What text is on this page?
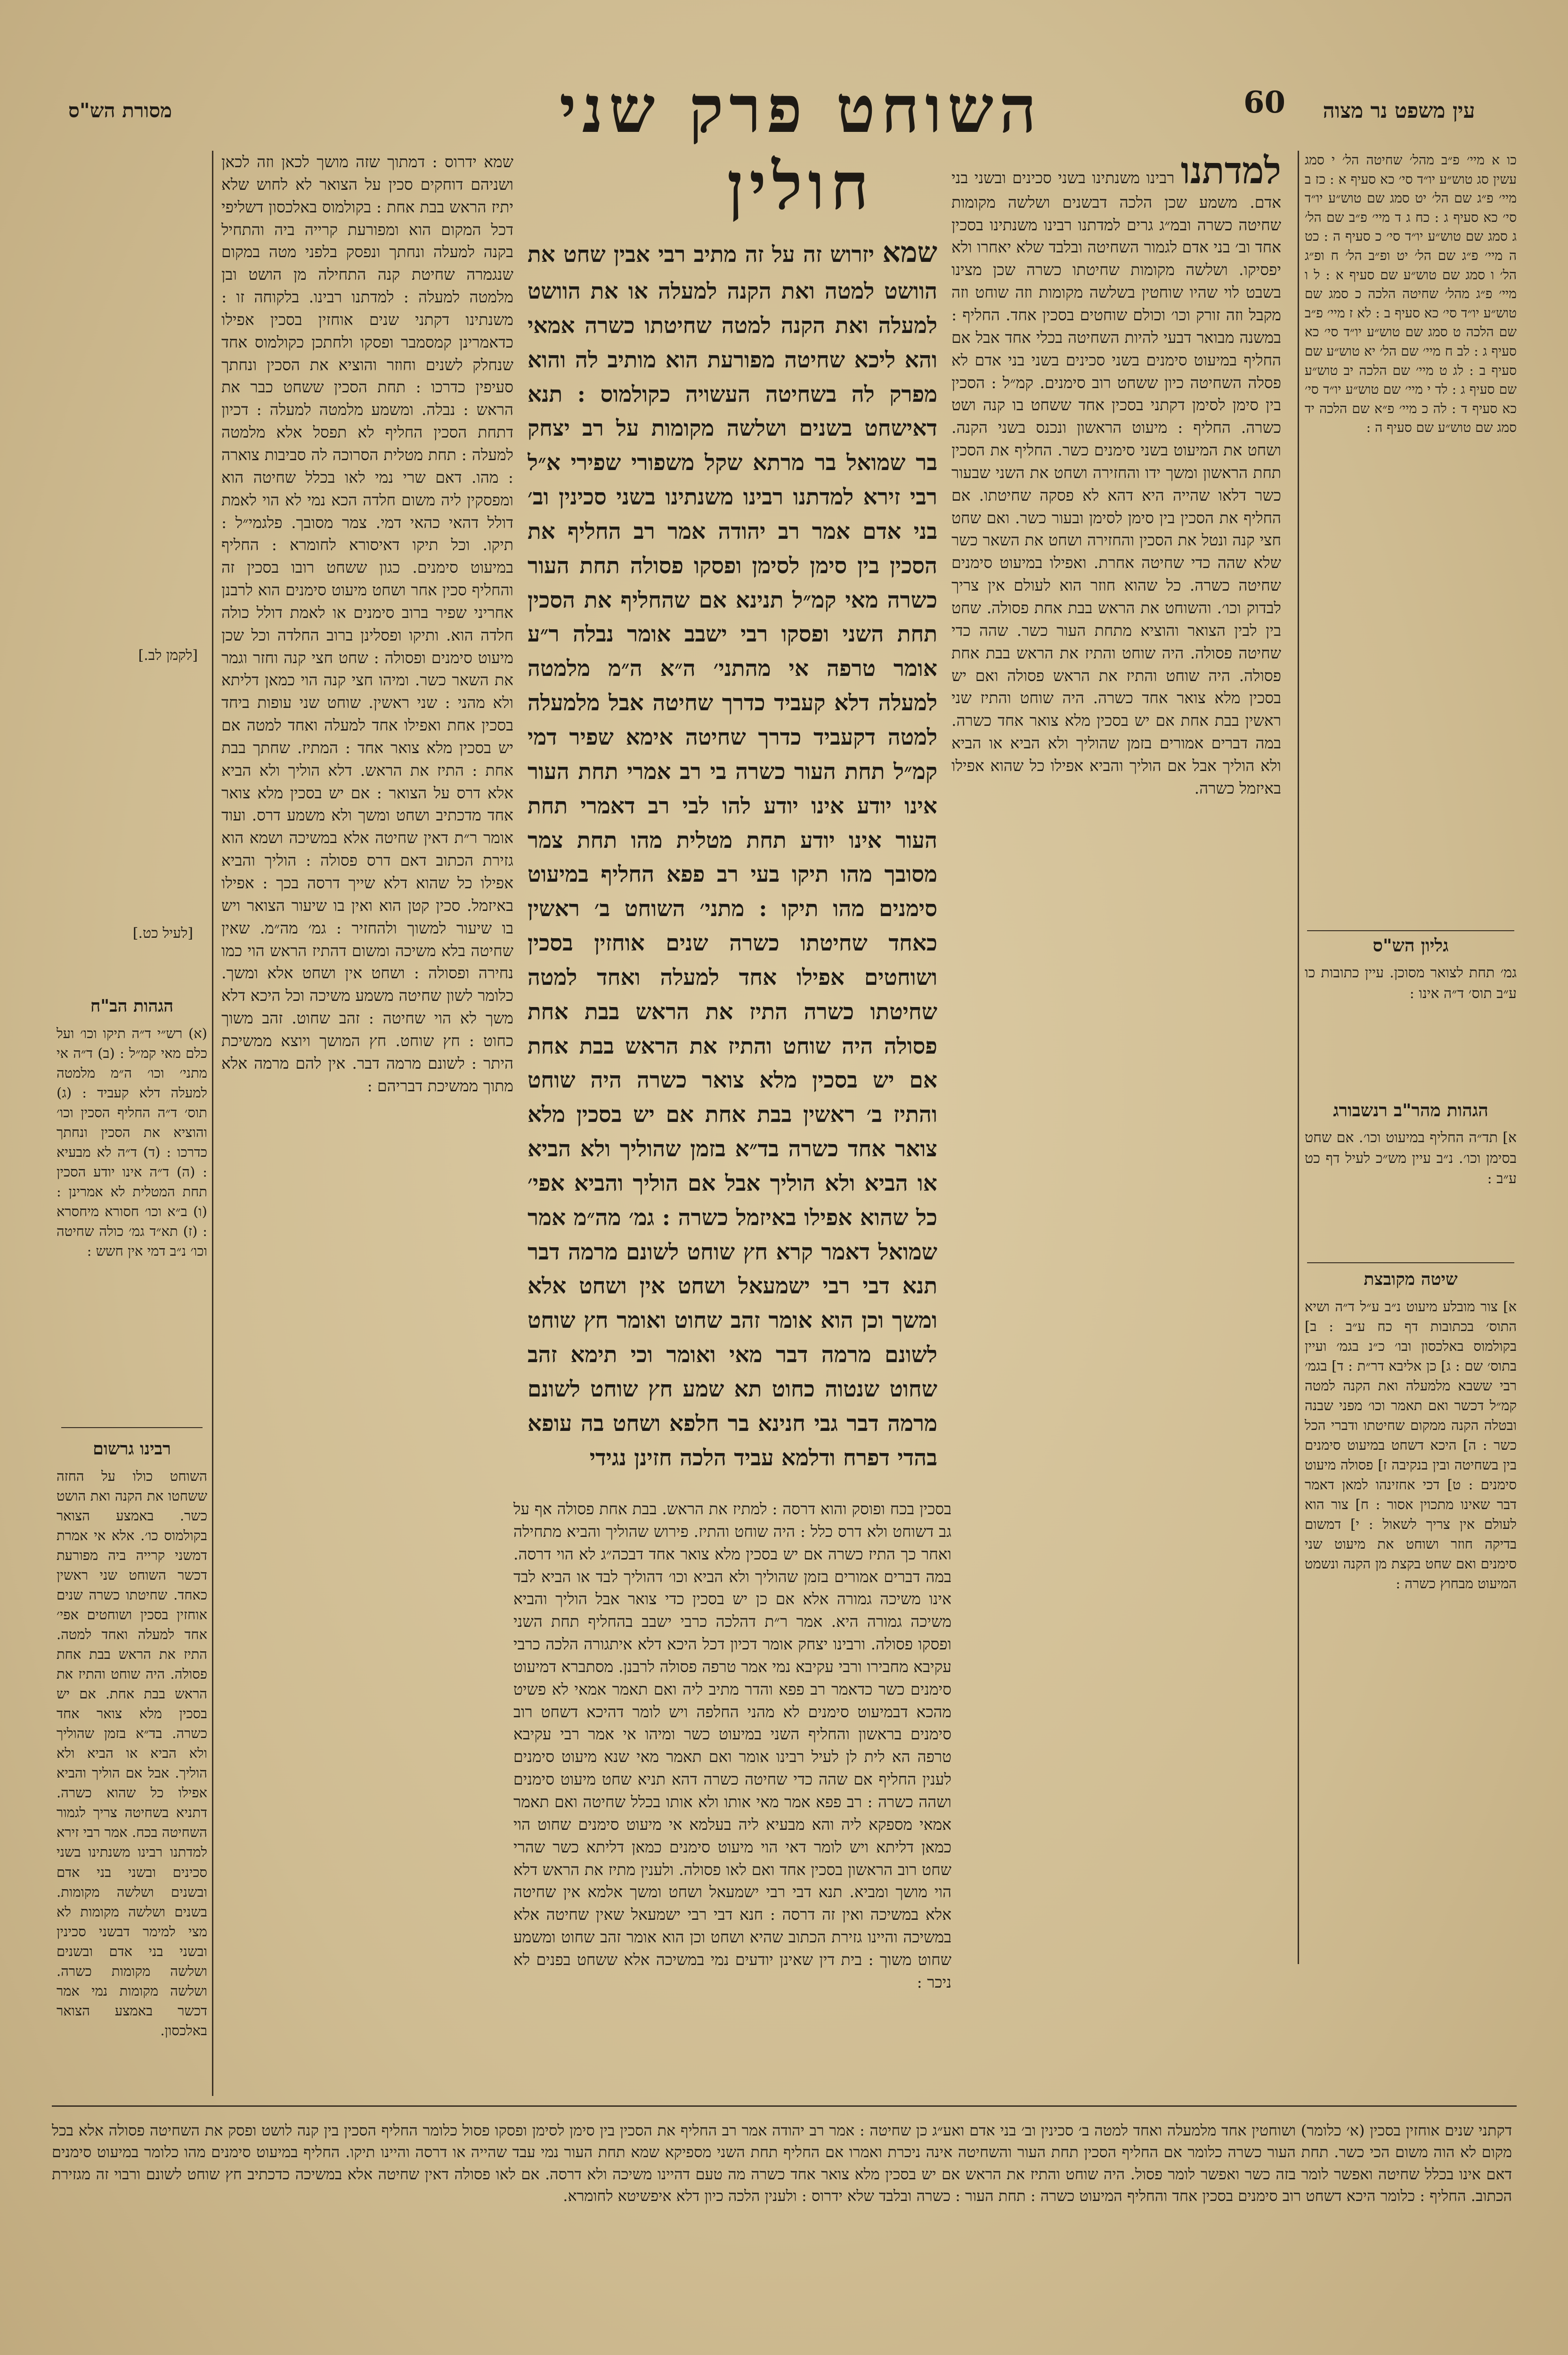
60
השוחט פרק שני חולין
עין משפט נר מצוה
מסורת הש"ס

כו א מיי׳ פ״ב מהל׳ שחיטה הל׳ י סמג עשין סג טוש״ע יו״ד סי׳ כא סעיף א : כז ב מיי׳ פ״ג שם הל׳ יט סמג שם טוש״ע יו״ד סי׳ כא סעיף ג : כח ג ד מיי׳ פ״ב שם הל׳ ג סמג שם טוש״ע יו״ד סי׳ כ סעיף ה : כט ה מיי׳ פ״ג שם הל׳ יט ופ״ב הל׳ ח ופ״ג הל׳ ו סמג שם טוש״ע שם סעיף א : ל ו מיי׳ פ״ג מהל׳ שחיטה הלכה כ סמג שם טוש״ע יו״ד סי׳ כא סעיף ב : לא ז מיי׳ פ״ב שם הלכה ט סמג שם טוש״ע יו״ד סי׳ כא סעיף ג : לב ח מיי׳ שם הל׳ יא טוש״ע שם סעיף ב : לג ט מיי׳ שם הלכה יב טוש״ע שם סעיף ג : לד י מיי׳ שם טוש״ע יו״ד סי׳ כא סעיף ד : לה כ מיי׳ פ״א שם הלכה יד סמג שם טוש״ע שם סעיף ה :

גליון הש"ס

גמ׳ תחת לצואר מסוכן. עיין כתובות כו ע״ב תוס׳ ד״ה אינו :

הגהות מהר"ב רנשבורג

א] תד״ה החליף במיעוט וכו׳. אם שחט בסימן וכו׳. נ״ב עיין מש״כ לעיל דף כט ע״ב :

שיטה מקובצת

א] צור מובלע מיעוט נ״ב ע״ל ד״ה ושיא התוס׳ בכתובות דף כח ע״ב : ב] בקולמוס באלכסון ובו׳ כ״נ בגמ׳ ועיין בתוס׳ שם : ג] כן אליבא דר״ת : ד] בגמ׳ רבי ששבא מלמעלה ואת הקנה למטה קמ״ל דכשר ואם תאמר וכו׳ מפני שבנה ובטלה הקנה ממקום שחיטתו ודברי הכל כשר : ה] היכא דשחט במיעוט סימנים בין בשחיטה ובין בנקיבה ז] פסולה מיעוט סימנים : ט] דכי אחזינהו למאן דאמר דבר שאינו מתכוין אסור : ח] צור הוא לעולם אין צריך לשאול : י] דמשום בדיקה חוזר ושוחט את מיעוט שני סימנים ואם שחט בקצת מן הקנה ונשמט המיעוט מבחוץ כשרה :

למדתנו רבינו משנתינו בשני סכינים ובשני בני אדם. משמע שכן הלכה דבשנים ושלשה מקומות שחיטה כשרה ובמ״ג גרים למדתנו רבינו משנתינו בסכין אחד וב׳ בני אדם לגמור השחיטה ובלבד שלא יאחרו ולא יפסיקו. ושלשה מקומות שחיטתו כשרה שכן מצינו בשבט לוי שהיו שוחטין בשלשה מקומות וזה שוחט וזה מקבל וזה זורק וכו׳ וכולם שוחטים בסכין אחד. החליף : במשנה מבואר דבעי להיות השחיטה בכלי אחד אבל אם החליף במיעוט סימנים בשני סכינים בשני בני אדם לא פסלה השחיטה כיון ששחט רוב סימנים. קמ״ל : הסכין בין סימן לסימן דקתני בסכין אחד ששחט בו קנה ושט כשרה. החליף : מיעוט הראשון ונכנס בשני הקנה. ושחט את המיעוט בשני סימנים כשר. החליף את הסכין תחת הראשון ומשך ידו והחזירה ושחט את השני שבעור כשר דלאו שהייה היא דהא לא פסקה שחיטתו. אם החליף את הסכין בין סימן לסימן ובעור כשר. ואם שחט חצי קנה ונטל את הסכין והחזירה ושחט את השאר כשר שלא שהה כדי שחיטה אחרת. ואפילו במיעוט סימנים שחיטה כשרה. כל שהוא חוזר הוא לעולם אין צריך לבדוק וכו׳. והשוחט את הראש בבת אחת פסולה. שחט בין לבין הצואר והוציא מתחת העור כשר. שהה כדי שחיטה פסולה. היה שוחט והתיז את הראש בבת אחת פסולה. היה שוחט והתיז את הראש פסולה ואם יש בסכין מלא צואר אחד כשרה. היה שוחט והתיז שני ראשין בבת אחת אם יש בסכין מלא צואר אחד כשרה. במה דברים אמורים בזמן שהוליך ולא הביא או הביא ולא הוליך אבל אם הוליך והביא אפילו כל שהוא אפילו באיזמל כשרה.

שמא יזרוש זה על זה מתיב רבי אבין שחט את הוושט למטה ואת הקנה למעלה או את הוושט למעלה ואת הקנה למטה שחיטתו כשרה אמאי והא ליכא שחיטה מפורעת הוא מותיב לה והוא מפרק לה בשחיטה העשויה כקולמוס : תנא דאישחט בשנים ושלשה מקומות על רב יצחק בר שמואל בר מרתא שקל משפורי שפירי א״ל רבי זירא למדתנו רבינו משנתינו בשני סכינין וב׳ בני אדם אמר רב יהודה אמר רב החליף את הסכין בין סימן לסימן ופסקו פסולה תחת העור כשרה מאי קמ״ל תנינא אם שהחליף את הסכין תחת השני ופסקו רבי ישבב אומר נבלה ר״ע אומר טרפה אי מהתני׳ ה״א ה״מ מלמטה למעלה דלא קעביד כדרך שחיטה אבל מלמעלה למטה דקעביד כדרך שחיטה אימא שפיר דמי קמ״ל תחת העור כשרה בי רב אמרי תחת העור אינו יודע אינו יודע להו לבי רב דאמרי תחת העור אינו יודע תחת מטלית מהו תחת צמר מסובך מהו תיקו בעי רב פפא החליף במיעוט סימנים מהו תיקו : מתני׳ השוחט ב׳ ראשין כאחד שחיטתו כשרה שנים אוחזין בסכין ושוחטים אפילו אחד למעלה ואחד למטה שחיטתו כשרה התיז את הראש בבת אחת פסולה היה שוחט והתיז את הראש בבת אחת אם יש בסכין מלא צואר כשרה היה שוחט והתיז ב׳ ראשין בבת אחת אם יש בסכין מלא צואר אחד כשרה בד״א בזמן שהוליך ולא הביא או הביא ולא הוליך אבל אם הוליך והביא אפי׳ כל שהוא אפילו באיזמל כשרה : גמ׳ מה״מ אמר שמואל דאמר קרא חץ שוחט לשונם מרמה דבר תנא דבי רבי ישמעאל ושחט אין ושחט אלא ומשך וכן הוא אומר זהב שחוט ואומר חץ שוחט לשונם מרמה דבר מאי ואומר וכי תימא זהב שחוט שנטוה כחוט תא שמע חץ שוחט לשונם מרמה דבר גבי חנינא בר חלפא ושחט בה עופא בהדי דפרח ודלמא עביד הלכה חזינן נגידי

שמא ידרוס : דמתוך שזה מושך לכאן וזה לכאן ושניהם דוחקים סכין על הצואר לא לחוש שלא יתיז הראש בבת אחת : בקולמוס באלכסון דשליפי דכל המקום הוא ומפורעת קרייה ביה והתחיל בקנה למעלה ונחתך ונפסק בלפני מטה במקום שנגמרה שחיטת קנה התחילה מן הושט ובן מלמטה למעלה : למדתנו רבינו. בלקוחה זו : משנתינו דקתני שנים אוחזין בסכין אפילו כדאמרינן קמסמבר ופסקו ולחתכן כקולמוס אחד שנחלק לשנים וחוזר והוציא את הסכין ונחתך סעיפין כדרכו : תחת הסכין ששחט כבר את הראש : נבלה. ומשמע מלמטה למעלה : דכיון דתחת הסכין החליף לא תפסל אלא מלמטה למעלה : תחת מטלית הסרוכה לה סביבות צוארה : מהו. דאם שרי נמי לאו בכלל שחיטה הוא ומפסקין ליה משום חלדה הכא נמי לא הוי לאמת דולל דהאי כהאי דמי. צמר מסובך. פלגמי״ל : תיקו. וכל תיקו דאיסורא לחומרא : החליף במיעוט סימנים. כגון ששחט רובו בסכין זה והחליף סכין אחר ושחט מיעוט סימנים הוא לרבנן אחריני שפיר ברוב סימנים או לאמת דולל כולה חלדה הוא. ותיקו ופסלינן ברוב החלדה וכל שכן מיעוט סימנים ופסולה : שחט חצי קנה וחזר וגמר את השאר כשר. ומיהו חצי קנה הוי כמאן דליתא ולא מהני : שני ראשין. שוחט שני עופות ביחד בסכין אחת ואפילו אחד למעלה ואחד למטה אם יש בסכין מלא צואר אחד : המתיז. שחתך בבת אחת : התיז את הראש. דלא הוליך ולא הביא אלא דרס על הצואר : אם יש בסכין מלא צואר אחד מדכתיב ושחט ומשך ולא משמע דרס. ועוד אומר ר״ת דאין שחיטה אלא במשיכה ושמא הוא גזירת הכתוב דאם דרס פסולה : הוליך והביא אפילו כל שהוא דלא שייך דרסה בכך : אפילו באיזמל. סכין קטן הוא ואין בו שיעור הצואר ויש בו שיעור למשוך ולהחזיר : גמ׳ מה״מ. שאין שחיטה בלא משיכה ומשום דהתיז הראש הוי כמו נחירה ופסולה : ושחט אין ושחט אלא ומשך. כלומר לשון שחיטה משמע משיכה וכל היכא דלא משך לא הוי שחיטה : זהב שחוט. זהב משוך כחוט : חץ שוחט. חץ המושך ויוצא ממשיכת היתר : לשונם מרמה דבר. אין להם מרמה אלא מתוך ממשיכת דבריהם :

בסכין בכח ופוסק והוא דרסה : למתיז את הראש. בבת אחת פסולה אף על גב דשוחט ולא דרס כלל : היה שוחט והתיז. פירוש שהוליך והביא מתחילה ואחר כך התיז כשרה אם יש בסכין מלא צואר אחד דבכה״ג לא הוי דרסה. במה דברים אמורים בזמן שהוליך ולא הביא וכו׳ דהוליך לבד או הביא לבד אינו משיכה גמורה אלא אם כן יש בסכין כדי צואר אבל הוליך והביא משיכה גמורה היא. אמר ר״ת דהלכה כרבי ישבב בהחליף תחת השני ופסקו פסולה. ורבינו יצחק אומר דכיון דכל היכא דלא איתגורה הלכה כרבי עקיבא מחבירו ורבי עקיבא נמי אמר טרפה פסולה לרבנן. מסתברא דמיעוט סימנים כשר כדאמר רב פפא והדר מתיב ליה ואם תאמר אמאי לא פשיט מהכא דבמיעוט סימנים לא מהני החלפה ויש לומר דהיכא דשחט רוב סימנים בראשון והחליף השני במיעוט כשר ומיהו אי אמר רבי עקיבא טרפה הא לית לן לעיל רבינו אומר ואם תאמר מאי שנא מיעוט סימנים לענין החליף אם שהה כדי שחיטה כשרה דהא תניא שחט מיעוט סימנים ושהה כשרה : רב פפא אמר מאי אותו ולא אותו בכלל שחיטה ואם תאמר אמאי מספקא ליה והא מבעיא ליה בעלמא אי מיעוט סימנים שחוט הוי כמאן דליתא ויש לומר דאי הוי מיעוט סימנים כמאן דליתא כשר שהרי שחט רוב הראשון בסכין אחד ואם לאו פסולה. ולענין מתיז את הראש דלא הוי מושך ומביא. תנא דבי רבי ישמעאל ושחט ומשך אלמא אין שחיטה אלא במשיכה ואין זה דרסה : חנא דבי רבי ישמעאל שאין שחיטה אלא במשיכה והיינו גזירת הכתוב שהיא ושחט וכן הוא אומר זהב שחוט ומשמע שחוט משוך : בית דין שאינן יודעים נמי במשיכה אלא ששחט בפנים לא ניכר :

[לקמן לב.]
[לעיל כט.]
הגהות הב"ח

(א) רש״י ד״ה תיקו וכו׳ ועל כלם מאי קמ״ל : (ב) ד״ה אי מתני׳ וכו׳ ה״מ מלמטה למעלה דלא קעביד : (ג) תוס׳ ד״ה החליף הסכין וכו׳ והוציא את הסכין ונחתך כדרכו : (ד) ד״ה לא מבעיא : (ה) ד״ה אינו יודע הסכין תחת המטלית לא אמרינן : (ו) ב״א וכו׳ חסורא מיחסרא : (ז) תא״ד גמ׳ כולה שחיטה וכו׳ נ״ב דמי אין חשש :

רבינו גרשום

השוחט כולו על החזה ששחטו את הקנה ואת הושט כשר. באמצע הצואר בקולמוס כו׳. אלא אי אמרת דמשני קרייה ביה מפורעת דכשר השוחט שני ראשין כאחד. שחיטתו כשרה שנים אוחזין בסכין ושוחטים אפי׳ אחד למעלה ואחד למטה. התיז את הראש בבת אחת פסולה. היה שוחט והתיז את הראש בבת אחת. אם יש בסכין מלא צואר אחד כשרה. בד״א בזמן שהוליך ולא הביא או הביא ולא הוליך. אבל אם הוליך והביא אפילו כל שהוא כשרה. דתניא בשחיטה צריך לגמור השחיטה בכח. אמר רבי זירא למדתנו רבינו משנתינו בשני סכינים ובשני בני אדם ובשנים ושלשה מקומות. בשנים ושלשה מקומות לא מצי למימר דבשני סכינין ובשני בני אדם ובשנים ושלשה מקומות כשרה. ושלשה מקומות נמי אמר דכשר באמצע הצואר באלכסון.

דקתני שנים אוחזין בסכין (א׳ כלומר) ושוחטין אחד מלמעלה ואחד למטה ב׳ סכינין וב׳ בני אדם ואע״ג כן שחיטה : אמר רב יהודה אמר רב החליף את הסכין בין סימן לסימן ופסקו פסול כלומר החליף הסכין בין קנה לושט ופסק את השחיטה פסולה אלא בכל מקום לא הוה משום הכי כשר. תחת העור כשרה כלומר אם החליף הסכין תחת העור והשחיטה אינה ניכרת ואמרו אם החליף תחת השני מספיקא שמא תחת העור נמי עבד שהייה או דרסה והיינו תיקו. החליף במיעוט סימנים מהו כלומר במיעוט סימנים דאם אינו בכלל שחיטה ואפשר לומר בזה כשר ואפשר לומר פסול. היה שוחט והתיז את הראש אם יש בסכין מלא צואר אחד כשרה מה טעם דהיינו משיכה ולא דרסה. אם לאו פסולה דאין שחיטה אלא במשיכה כדכתיב חץ שוחט לשונם ורבוי זה מגזירת הכתוב. החליף : כלומר היכא דשחט רוב סימנים בסכין אחד והחליף המיעוט כשרה : תחת העור : כשרה ובלבד שלא ידרוס : ולענין הלכה כיון דלא איפשיטא לחומרא.
